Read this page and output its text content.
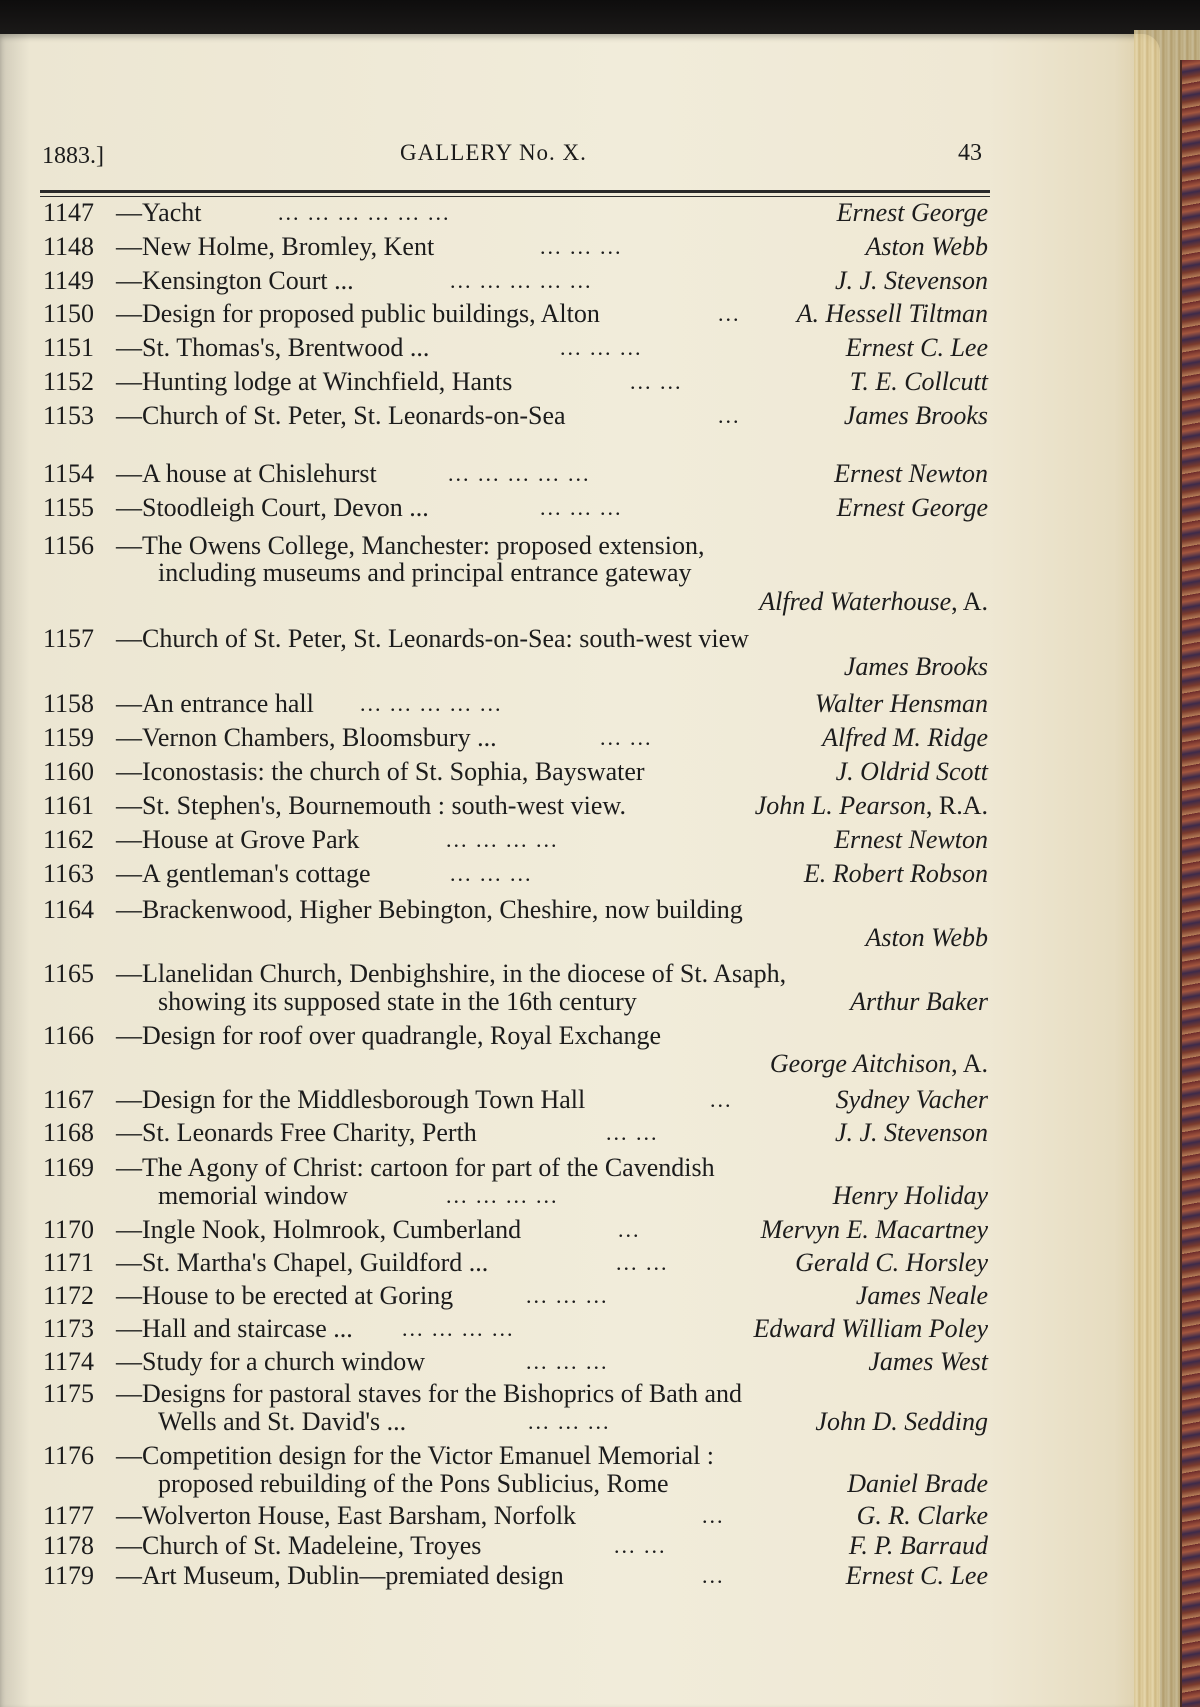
1883.]	GALLERY No. X.	43
1147 —Yacht	... ... ... ... ... ...	Ernest George
1148 —New Holme, Bromley, Kent	... ... ...	Aston Webb
1149 —Kensington Court ...	... ... ... ... ...	J. J. Stevenson
1150 —Design for proposed public buildings, Alton	... A. Hessell Tiltman
1151 —St. Thomas's, Brentwood ...	... ... ...	Ernest C. Lee
1152 —Hunting lodge at Winchfield, Hants	... ...	T. E. Collcutt
1153 —Church of St. Peter, St. Leonards-on-Sea	...	James Brooks
1154 —A house at Chislehurst	... ... ... ... ...	Ernest Newton
1155 —Stoodleigh Court, Devon ...	... ... ...	Ernest George
1156 —The Owens College, Manchester: proposed extension,
including museums and principal entrance gateway
Alfred Waterhouse, A.
1157 —Church of St. Peter, St. Leonards-on-Sea: south-west view
James Brooks
1158 —An entrance hall ... ... ... ... ...	Walter Hensman
1159 —Vernon Chambers, Bloomsbury ...	... ...	Alfred M. Ridge
1160 —Iconostasis: the church of St. Sophia, Bayswater	J. Oldrid Scott
1161 —St. Stephen's, Bournemouth : south-west view.	John L. Pearson, R.A.
1162 —House at Grove Park	... ... ... ...	Ernest Newton
1163 —A gentleman's cottage	... ... ...	E. Robert Robson
1164 —Brackenwood, Higher Bebington, Cheshire, now building
Aston Webb
1165 —Llanelidan Church, Denbighshire, in the diocese of St. Asaph,
showing its supposed state in the 16th century	Arthur Baker
1166 —Design for roof over quadrangle, Royal Exchange
George Aitchison, A.
1167 —Design for the Middlesborough Town Hall	...	Sydney Vacher
1168 —St. Leonards Free Charity, Perth	... ...	J. J. Stevenson
1169 —The Agony of Christ: cartoon for part of the Cavendish
memorial window	... ... ... ...	Henry Holiday
1170 —Ingle Nook, Holmrook, Cumberland	...	Mervyn E. Macartney
1171 —St. Martha's Chapel, Guildford ...	... ...	Gerald C. Horsley
1172 —House to be erected at Goring	... ... ...	James Neale
1173 —Hall and staircase ... ... ... ... ...	Edward William Poley
1174 —Study for a church window	... ... ...	James West
1175 —Designs for pastoral staves for the Bishoprics of Bath and
Wells and St. David's ...	... ... ...	John D. Sedding
1176 —Competition design for the Victor Emanuel Memorial :
proposed rebuilding of the Pons Sublicius, Rome	Daniel Brade
1177 —Wolverton House, East Barsham, Norfolk	...	G. R. Clarke
1178 —Church of St. Madeleine, Troyes	... ...	F. P. Barraud
1179 —Art Museum, Dublin—premiated design	...	Ernest C. Lee
